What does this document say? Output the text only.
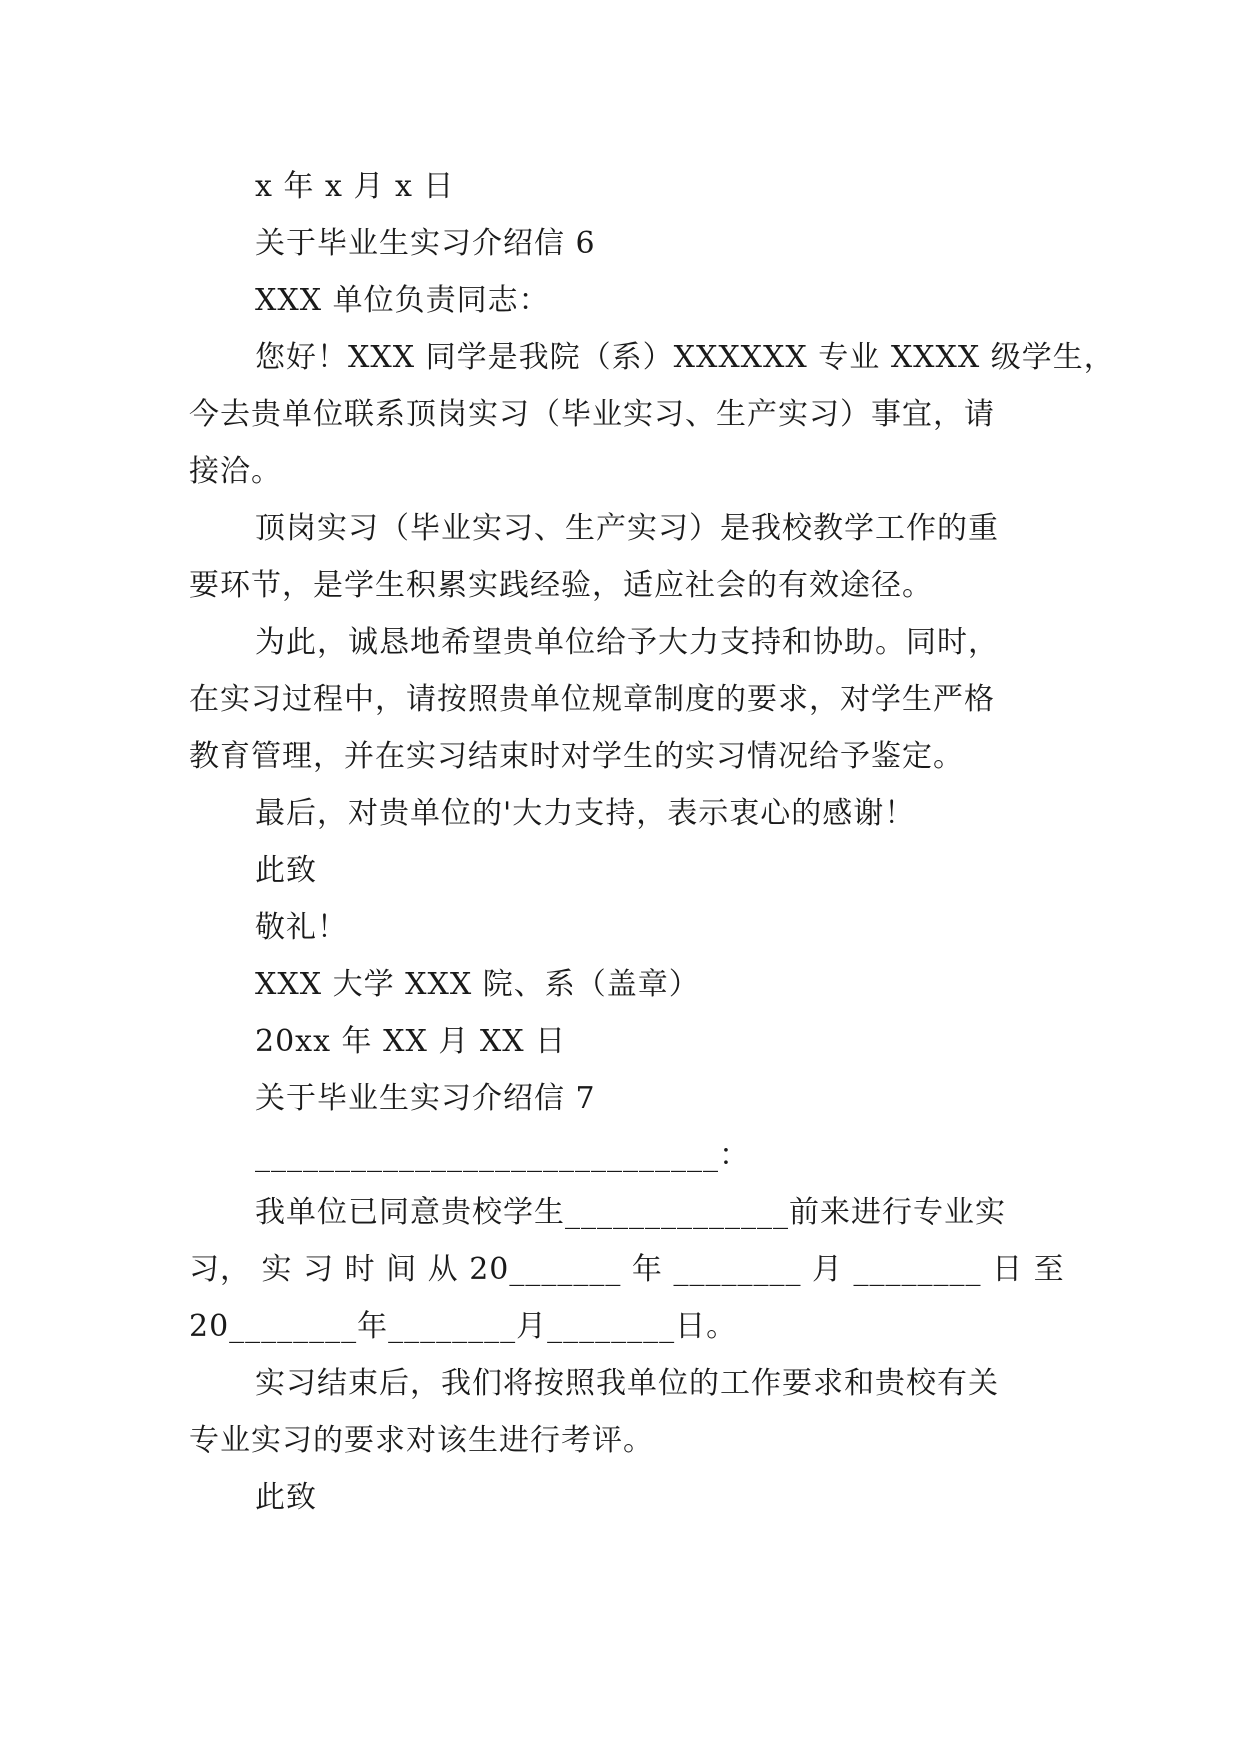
x 年 x 月 x 日
关于毕业生实习介绍信 6
XXX 单位负责同志：
您好！XXX 同学是我院（系）XXXXXX 专业 XXXX 级学生，
今去贵单位联系顶岗实习（毕业实习、生产实习）事宜，请
接洽。
顶岗实习（毕业实习、生产实习）是我校教学工作的重
要环节，是学生积累实践经验，适应社会的有效途径。
为此，诚恳地希望贵单位给予大力支持和协助。同时，
在实习过程中，请按照贵单位规章制度的要求，对学生严格
教育管理，并在实习结束时对学生的实习情况给予鉴定。
最后，对贵单位的'大力支持，表示衷心的感谢！
此致
敬礼！
XXX 大学 XXX 院、系（盖章）
20xx 年 XX 月 XX 日
关于毕业生实习介绍信 7
_____________________________：
我单位已同意贵校学生______________前来进行专业实
习， 实 习 时 间 从 20_______ 年 ________ 月 ________ 日 至
20________年________月________日。
实习结束后，我们将按照我单位的工作要求和贵校有关
专业实习的要求对该生进行考评。
此致
